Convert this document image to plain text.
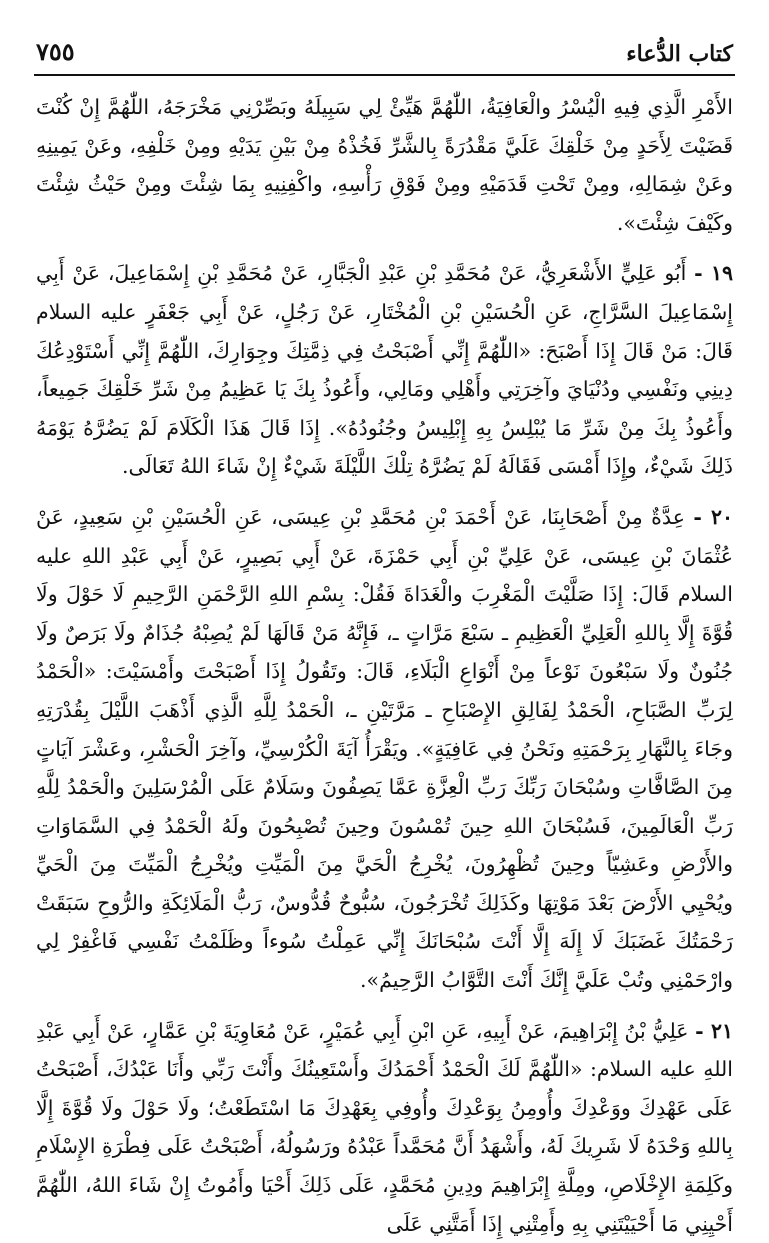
كتاب الدُّعاء
٧٥٥

الأَمْرِ الَّذِي فِيهِ الْيُسْرُ والْعَافِيَةُ، اللّٰهُمَّ هَيِّئْ لِي سَبِيلَهُ وبَصِّرْنِي مَخْرَجَهُ، اللّٰهُمَّ إِنْ كُنْتَ قَضَيْتَ لِأَحَدٍ مِنْ خَلْقِكَ عَلَيَّ مَقْدُرَةً بِالشَّرِّ فَخُذْهُ مِنْ بَيْنِ يَدَيْهِ ومِنْ خَلْفِهِ، وعَنْ يَمِينِهِ وعَنْ شِمَالِهِ، ومِنْ تَحْتِ قَدَمَيْهِ ومِنْ فَوْقِ رَأْسِهِ، واكْفِنِيهِ بِمَا شِئْتَ ومِنْ حَيْثُ شِئْتَ وكَيْفَ شِئْتَ».

١٩ - أَبُو عَلِيٍّ الأَشْعَرِيُّ، عَنْ مُحَمَّدِ بْنِ عَبْدِ الْجَبَّارِ، عَنْ مُحَمَّدِ بْنِ إِسْمَاعِيلَ، عَنْ أَبِي إِسْمَاعِيلَ السَّرَّاجِ، عَنِ الْحُسَيْنِ بْنِ الْمُخْتَارِ، عَنْ رَجُلٍ، عَنْ أَبِي جَعْفَرٍ عليه السلام قَالَ: مَنْ قَالَ إِذَا أَصْبَحَ: «اللّٰهُمَّ إِنِّي أَصْبَحْتُ فِي ذِمَّتِكَ وجِوَارِكَ، اللّٰهُمَّ إِنِّي أَسْتَوْدِعُكَ دِينِي ونَفْسِي ودُنْيَايَ وآخِرَتِي وأَهْلِي ومَالِي، وأَعُوذُ بِكَ يَا عَظِيمُ مِنْ شَرِّ خَلْقِكَ جَمِيعاً، وأَعُوذُ بِكَ مِنْ شَرِّ مَا يُبْلِسُ بِهِ إِبْلِيسُ وجُنُودُهُ». إِذَا قَالَ هَذَا الْكَلَامَ لَمْ يَضُرَّهُ يَوْمَهُ ذَلِكَ شَيْءٌ، وإِذَا أَمْسَى فَقَالَهُ لَمْ يَضُرَّهُ تِلْكَ اللَّيْلَةَ شَيْءٌ إِنْ شَاءَ اللهُ تَعَالَى.

٢٠ - عِدَّةٌ مِنْ أَصْحَابِنَا، عَنْ أَحْمَدَ بْنِ مُحَمَّدِ بْنِ عِيسَى، عَنِ الْحُسَيْنِ بْنِ سَعِيدٍ، عَنْ عُثْمَانَ بْنِ عِيسَى، عَنْ عَلِيِّ بْنِ أَبِي حَمْزَةَ، عَنْ أَبِي بَصِيرٍ، عَنْ أَبِي عَبْدِ اللهِ عليه السلام قَالَ: إِذَا صَلَّيْتَ الْمَغْرِبَ والْغَدَاةَ فَقُلْ: بِسْمِ اللهِ الرَّحْمَنِ الرَّحِيمِ لَا حَوْلَ ولَا قُوَّةَ إِلَّا بِاللهِ الْعَلِيِّ الْعَظِيمِ ـ سَبْعَ مَرَّاتٍ ـ، فَإِنَّهُ مَنْ قَالَهَا لَمْ يُصِبْهُ جُذَامٌ ولَا بَرَصٌ ولَا جُنُونٌ ولَا سَبْعُونَ نَوْعاً مِنْ أَنْوَاعِ الْبَلَاءِ، قَالَ: وتَقُولُ إِذَا أَصْبَحْتَ وأَمْسَيْتَ: «الْحَمْدُ لِرَبِّ الصَّبَاحِ، الْحَمْدُ لِفَالِقِ الإِصْبَاحِ ـ مَرَّتَيْنِ ـ، الْحَمْدُ لِلَّهِ الَّذِي أَذْهَبَ اللَّيْلَ بِقُدْرَتِهِ وجَاءَ بِالنَّهَارِ بِرَحْمَتِهِ ونَحْنُ فِي عَافِيَةٍ». ويَقْرَأُ آيَةَ الْكُرْسِيِّ، وآخِرَ الْحَشْرِ، وعَشْرَ آيَاتٍ مِنَ الصَّافَّاتِ وسُبْحَانَ رَبِّكَ رَبِّ الْعِزَّةِ عَمَّا يَصِفُونَ وسَلَامٌ عَلَى الْمُرْسَلِينَ والْحَمْدُ لِلَّهِ رَبِّ الْعَالَمِينَ، فَسُبْحَانَ اللهِ حِينَ تُمْسُونَ وحِينَ تُصْبِحُونَ ولَهُ الْحَمْدُ فِي السَّمَاوَاتِ والأَرْضِ وعَشِيّاً وحِينَ تُظْهِرُونَ، يُخْرِجُ الْحَيَّ مِنَ الْمَيِّتِ ويُخْرِجُ الْمَيِّتَ مِنَ الْحَيِّ ويُحْيِي الأَرْضَ بَعْدَ مَوْتِهَا وكَذَلِكَ تُخْرَجُونَ، سُبُّوحٌ قُدُّوسٌ، رَبُّ الْمَلَائِكَةِ والرُّوحِ سَبَقَتْ رَحْمَتُكَ غَضَبَكَ لَا إِلَهَ إِلَّا أَنْتَ سُبْحَانَكَ إِنِّي عَمِلْتُ سُوءاً وظَلَمْتُ نَفْسِي فَاغْفِرْ لِي وارْحَمْنِي وتُبْ عَلَيَّ إِنَّكَ أَنْتَ التَّوَّابُ الرَّحِيمُ».

٢١ - عَلِيُّ بْنُ إِبْرَاهِيمَ، عَنْ أَبِيهِ، عَنِ ابْنِ أَبِي عُمَيْرٍ، عَنْ مُعَاوِيَةَ بْنِ عَمَّارٍ، عَنْ أَبِي عَبْدِ اللهِ عليه السلام: «اللّٰهُمَّ لَكَ الْحَمْدُ أَحْمَدُكَ وأَسْتَعِينُكَ وأَنْتَ رَبِّي وأَنَا عَبْدُكَ، أَصْبَحْتُ عَلَى عَهْدِكَ ووَعْدِكَ وأُومِنُ بِوَعْدِكَ وأُوفِي بِعَهْدِكَ مَا اسْتَطَعْتُ؛ ولَا حَوْلَ ولَا قُوَّةَ إِلَّا بِاللهِ وَحْدَهُ لَا شَرِيكَ لَهُ، وأَشْهَدُ أَنَّ مُحَمَّداً عَبْدُهُ ورَسُولُهُ، أَصْبَحْتُ عَلَى فِطْرَةِ الإِسْلَامِ وكَلِمَةِ الإِخْلَاصِ، ومِلَّةِ إِبْرَاهِيمَ ودِينِ مُحَمَّدٍ، عَلَى ذَلِكَ أَحْيَا وأَمُوتُ إِنْ شَاءَ اللهُ، اللّٰهُمَّ أَحْيِنِي مَا أَحْيَيْتَنِي بِهِ وأَمِتْنِي إِذَا أَمَتَّنِي عَلَى
